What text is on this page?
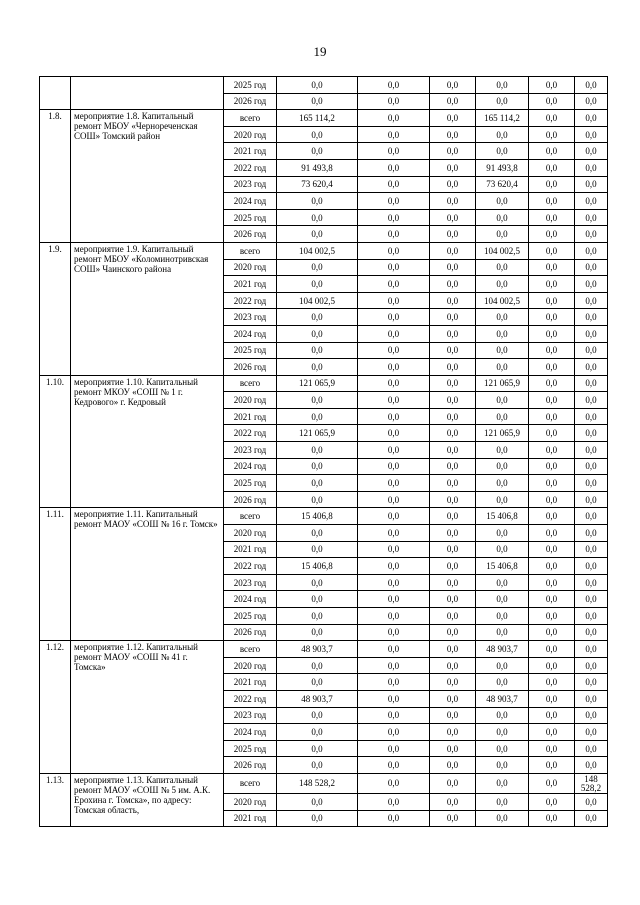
19
		2025 год	0,0	0,0	0,0	0,0	0,0	0,0
		2026 год	0,0	0,0	0,0	0,0	0,0	0,0
1.8.	мероприятие 1.8. Капитальный ремонт МБОУ «Чернореченская СОШ» Томский район	всего	165 114,2	0,0	0,0	165 114,2	0,0	0,0
		2020 год	0,0	0,0	0,0	0,0	0,0	0,0
		2021 год	0,0	0,0	0,0	0,0	0,0	0,0
		2022 год	91 493,8	0,0	0,0	91 493,8	0,0	0,0
		2023 год	73 620,4	0,0	0,0	73 620,4	0,0	0,0
		2024 год	0,0	0,0	0,0	0,0	0,0	0,0
		2025 год	0,0	0,0	0,0	0,0	0,0	0,0
		2026 год	0,0	0,0	0,0	0,0	0,0	0,0
1.9.	мероприятие 1.9. Капитальный ремонт МБОУ «Коломинотривская СОШ» Чаинского района	всего	104 002,5	0,0	0,0	104 002,5	0,0	0,0
		2020 год	0,0	0,0	0,0	0,0	0,0	0,0
		2021 год	0,0	0,0	0,0	0,0	0,0	0,0
		2022 год	104 002,5	0,0	0,0	104 002,5	0,0	0,0
		2023 год	0,0	0,0	0,0	0,0	0,0	0,0
		2024 год	0,0	0,0	0,0	0,0	0,0	0,0
		2025 год	0,0	0,0	0,0	0,0	0,0	0,0
		2026 год	0,0	0,0	0,0	0,0	0,0	0,0
1.10.	мероприятие 1.10. Капитальный ремонт МКОУ «СОШ № 1 г. Кедрового» г. Кедровый	всего	121 065,9	0,0	0,0	121 065,9	0,0	0,0
		2020 год	0,0	0,0	0,0	0,0	0,0	0,0
		2021 год	0,0	0,0	0,0	0,0	0,0	0,0
		2022 год	121 065,9	0,0	0,0	121 065,9	0,0	0,0
		2023 год	0,0	0,0	0,0	0,0	0,0	0,0
		2024 год	0,0	0,0	0,0	0,0	0,0	0,0
		2025 год	0,0	0,0	0,0	0,0	0,0	0,0
		2026 год	0,0	0,0	0,0	0,0	0,0	0,0
1.11.	мероприятие 1.11. Капитальный ремонт МАОУ «СОШ № 16 г. Томск»	всего	15 406,8	0,0	0,0	15 406,8	0,0	0,0
		2020 год	0,0	0,0	0,0	0,0	0,0	0,0
		2021 год	0,0	0,0	0,0	0,0	0,0	0,0
		2022 год	15 406,8	0,0	0,0	15 406,8	0,0	0,0
		2023 год	0,0	0,0	0,0	0,0	0,0	0,0
		2024 год	0,0	0,0	0,0	0,0	0,0	0,0
		2025 год	0,0	0,0	0,0	0,0	0,0	0,0
		2026 год	0,0	0,0	0,0	0,0	0,0	0,0
1.12.	мероприятие 1.12. Капитальный ремонт МАОУ «СОШ № 41 г. Томска»	всего	48 903,7	0,0	0,0	48 903,7	0,0	0,0
		2020 год	0,0	0,0	0,0	0,0	0,0	0,0
		2021 год	0,0	0,0	0,0	0,0	0,0	0,0
		2022 год	48 903,7	0,0	0,0	48 903,7	0,0	0,0
		2023 год	0,0	0,0	0,0	0,0	0,0	0,0
		2024 год	0,0	0,0	0,0	0,0	0,0	0,0
		2025 год	0,0	0,0	0,0	0,0	0,0	0,0
		2026 год	0,0	0,0	0,0	0,0	0,0	0,0
1.13.	мероприятие 1.13. Капитальный ремонт МАОУ «СОШ № 5 им. А.К. Ерохина г. Томска», по адресу: Томская область,	всего	148 528,2	0,0	0,0	0,0	0,0	148 528,2
		2020 год	0,0	0,0	0,0	0,0	0,0	0,0
		2021 год	0,0	0,0	0,0	0,0	0,0	0,0
